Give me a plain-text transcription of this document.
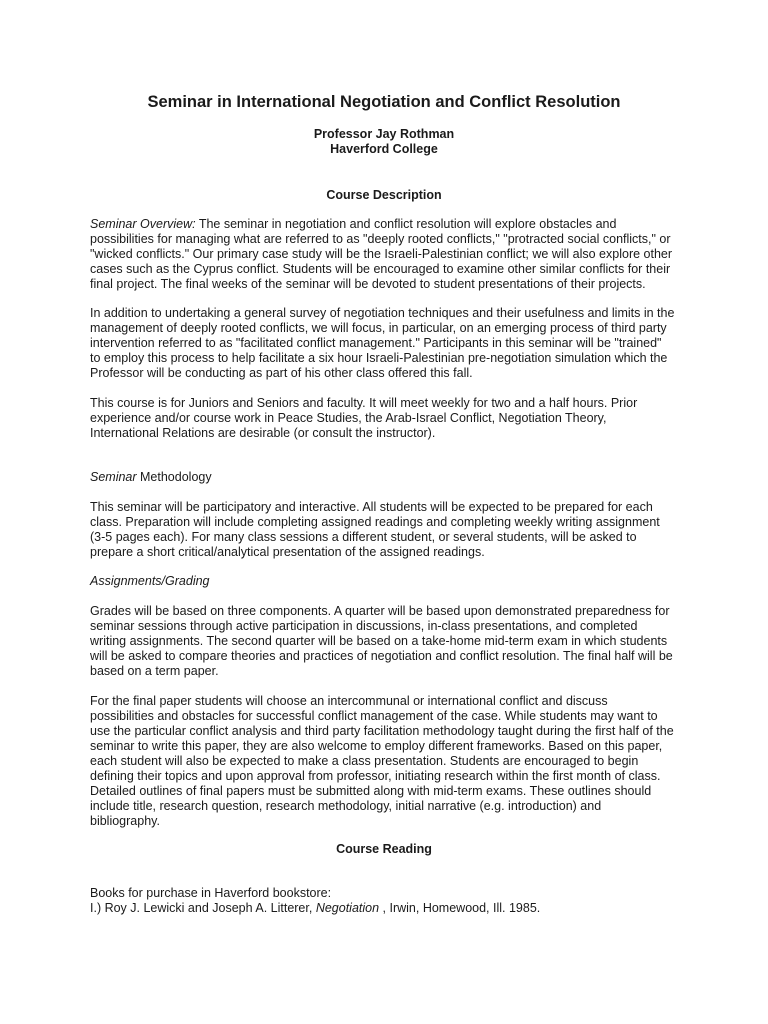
Seminar in International Negotiation and Conflict Resolution
Professor Jay Rothman
Haverford College
Course Description
Seminar Overview: The seminar in negotiation and conflict resolution will explore obstacles and
possibilities for managing what are referred to as "deeply rooted conflicts," "protracted social conflicts," or
"wicked conflicts." Our primary case study will be the Israeli-Palestinian conflict; we will also explore other
cases such as the Cyprus conflict. Students will be encouraged to examine other similar conflicts for their
final project. The final weeks of the seminar will be devoted to student presentations of their projects.
In addition to undertaking a general survey of negotiation techniques and their usefulness and limits in the
management of deeply rooted conflicts, we will focus, in particular, on an emerging process of third party
intervention referred to as "facilitated conflict management." Participants in this seminar will be "trained"
to employ this process to help facilitate a six hour Israeli-Palestinian pre-negotiation simulation which the
Professor will be conducting as part of his other class offered this fall.
This course is for Juniors and Seniors and faculty. It will meet weekly for two and a half hours. Prior
experience and/or course work in Peace Studies, the Arab-Israel Conflict, Negotiation Theory,
International Relations are desirable (or consult the instructor).
Seminar Methodology
This seminar will be participatory and interactive. All students will be expected to be prepared for each
class. Preparation will include completing assigned readings and completing weekly writing assignment
(3-5 pages each). For many class sessions a different student, or several students, will be asked to
prepare a short critical/analytical presentation of the assigned readings.
Assignments/Grading
Grades will be based on three components. A quarter will be based upon demonstrated preparedness for
seminar sessions through active participation in discussions, in-class presentations, and completed
writing assignments. The second quarter will be based on a take-home mid-term exam in which students
will be asked to compare theories and practices of negotiation and conflict resolution. The final half will be
based on a term paper.
For the final paper students will choose an intercommunal or international conflict and discuss
possibilities and obstacles for successful conflict management of the case. While students may want to
use the particular conflict analysis and third party facilitation methodology taught during the first half of the
seminar to write this paper, they are also welcome to employ different frameworks. Based on this paper,
each student will also be expected to make a class presentation. Students are encouraged to begin
defining their topics and upon approval from professor, initiating research within the first month of class.
Detailed outlines of final papers must be submitted along with mid-term exams. These outlines should
include title, research question, research methodology, initial narrative (e.g. introduction) and
bibliography.
Course Reading
Books for purchase in Haverford bookstore:
I.) Roy J. Lewicki and Joseph A. Litterer, Negotiation , Irwin, Homewood, Ill. 1985.
